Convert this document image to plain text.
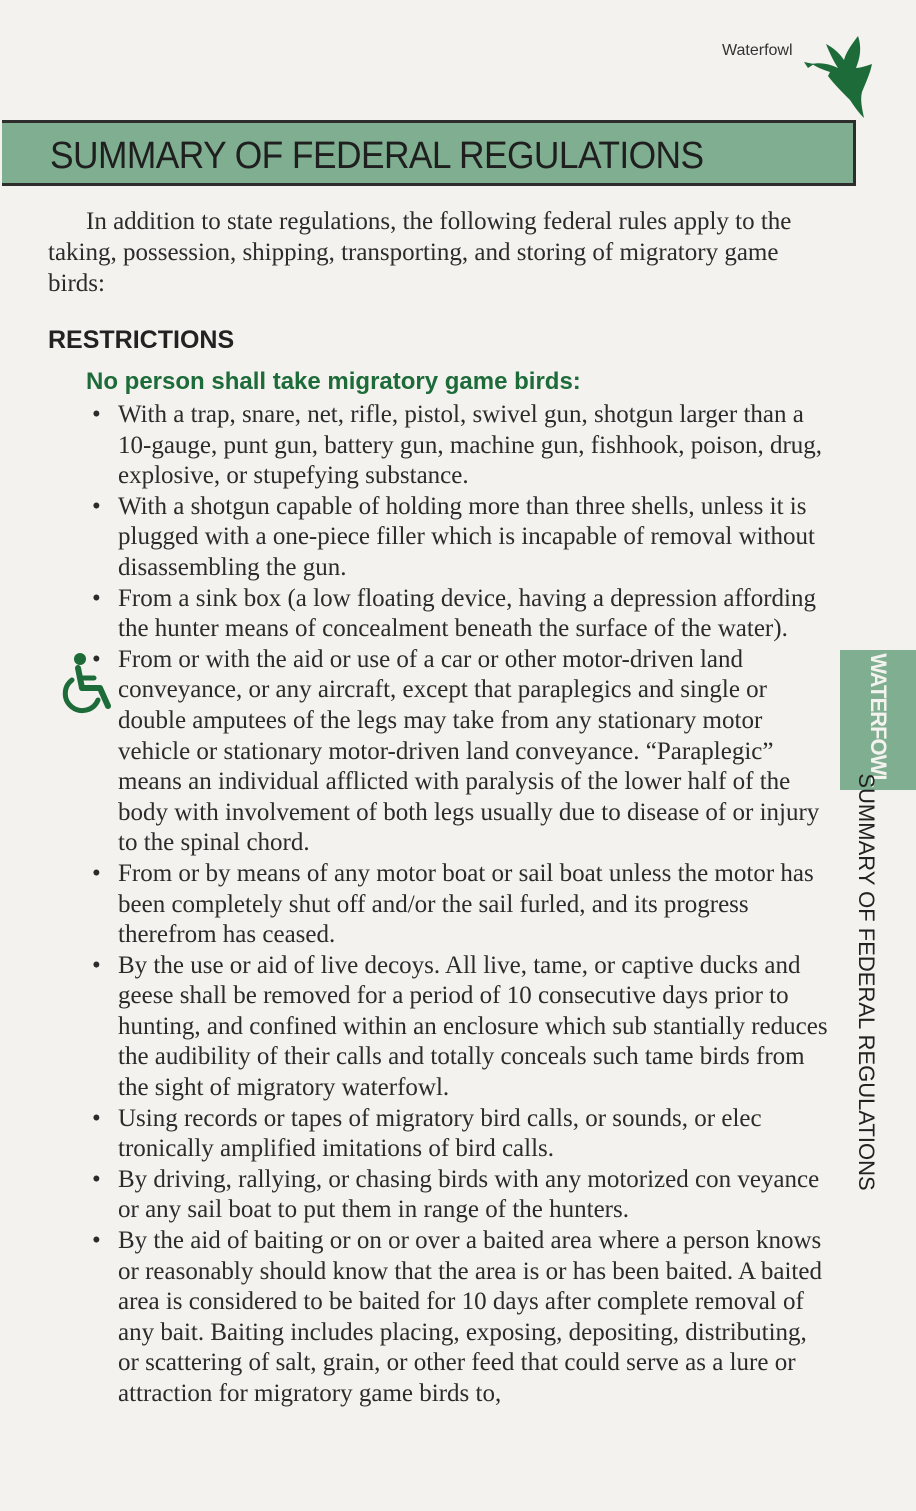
Waterfowl
SUMMARY OF FEDERAL REGULATIONS

In addition to state regulations, the following federal rules apply to the taking, possession, shipping, transporting, and storing of migratory game birds:

RESTRICTIONS
No person shall take migratory game birds:
• With a trap, snare, net, rifle, pistol, swivel gun, shotgun larger than a 10-gauge, punt gun, battery gun, machine gun, fishhook, poison, drug, explosive, or stupefying substance.
• With a shotgun capable of holding more than three shells, unless it is plugged with a one-piece filler which is incapable of removal without disassembling the gun.
• From a sink box (a low floating device, having a depression affording the hunter means of concealment beneath the surface of the water).
• From or with the aid or use of a car or other motor-driven land conveyance, or any aircraft, except that paraplegics and single or double amputees of the legs may take from any stationary motor vehicle or stationary motor-driven land conveyance. “Paraplegic” means an individual afflicted with paralysis of the lower half of the body with involvement of both legs usually due to disease of or injury to the spinal chord.
• From or by means of any motor boat or sail boat unless the motor has been completely shut off and/or the sail furled, and its progress therefrom has ceased.
• By the use or aid of live decoys. All live, tame, or captive ducks and geese shall be removed for a period of 10 consecutive days prior to hunting, and confined within an enclosure which sub stantially reduces the audibility of their calls and totally conceals such tame birds from the sight of migratory waterfowl.
• Using records or tapes of migratory bird calls, or sounds, or elec tronically amplified imitations of bird calls.
• By driving, rallying, or chasing birds with any motorized con veyance or any sail boat to put them in range of the hunters.
• By the aid of baiting or on or over a baited area where a person knows or reasonably should know that the area is or has been baited. A baited area is considered to be baited for 10 days after complete removal of any bait. Baiting includes placing, exposing, depositing, distributing, or scattering of salt, grain, or other feed that could serve as a lure or attraction for migratory game birds to,
WATERFOWL
SUMMARY OF FEDERAL REGULATIONS
